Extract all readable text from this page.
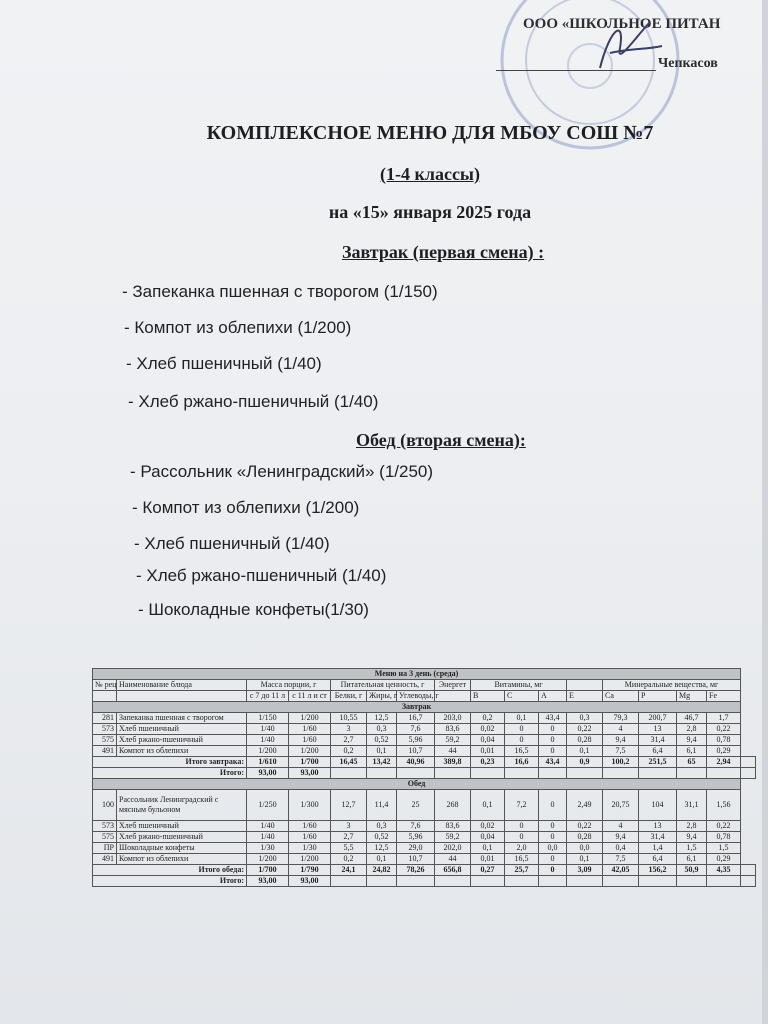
ООО «ШКОЛЬНОЕ ПИТАН
Чепкасов
КОМПЛЕКСНОЕ МЕНЮ ДЛЯ МБОУ СОШ №7
(1-4 классы)
на «15» января 2025 года
Завтрак (первая смена) :
- Запеканка пшенная с творогом (1/150)
- Компот из облепихи (1/200)
- Хлеб пшеничный (1/40)
- Хлеб ржано-пшеничный (1/40)
Обед (вторая смена):
- Рассольник «Ленинградский» (1/250)
- Компот из облепихи (1/200)
- Хлеб пшеничный (1/40)
- Хлеб ржано-пшеничный (1/40)
- Шоколадные конфеты(1/30)
Меню на 3 день (среда)																
№ рец	Наименование блюда	Масса порции, г		Питательная ценность, г			Энергет	Витамины, мг				Минеральные вещества, мг				
		с 7 до 11 л	с 11 л и ст	Белки, г	Жиры, г	Углеводы, г		В	С	А	Е	Са	Р	Mg	Fe	
Завтрак																
281	Запеканка пшенная с творогом	1/150	1/200	10,55	12,5	16,7	203,0	0,2	0,1	43,4	0,3	79,3	200,7	46,7	1,7	
573	Хлеб пшеничный	1/40	1/60	3	0,3	7,6	83,6	0,02	0	0	0,22	4	13	2,8	0,22	
575	Хлеб ржано-пшеничный	1/40	1/60	2,7	0,52	5,96	59,2	0,04	0	0	0,28	9,4	31,4	9,4	0,78	
491	Компот из облепихи	1/200	1/200	0,2	0,1	10,7	44	0,01	16,5	0	0,1	7,5	6,4	6,1	0,29	
Итого завтрака:		1/610	1/700	16,45	13,42	40,96	389,8	0,23	16,6	43,4	0,9	100,2	251,5	65	2,94	
Итого:		93,00	93,00													
Обед																
100	Рассольник Ленинградский с мясным бульоном	1/250	1/300	12,7	11,4	25	268	0,1	7,2	0	2,49	20,75	104	31,1	1,56	
573	Хлеб пшеничный	1/40	1/60	3	0,3	7,6	83,6	0,02	0	0	0,22	4	13	2,8	0,22	
575	Хлеб ржано-пшеничный	1/40	1/60	2,7	0,52	5,96	59,2	0,04	0	0	0,28	9,4	31,4	9,4	0,78	
ПР	Шоколадные конфеты	1/30	1/30	5,5	12,5	29,0	202,0	0,1	2,0	0,0	0,0	0,4	1,4	1,5	1,5	
491	Компот из облепихи	1/200	1/200	0,2	0,1	10,7	44	0,01	16,5	0	0,1	7,5	6,4	6,1	0,29	
Итого обеда:		1/700	1/790	24,1	24,82	78,26	656,8	0,27	25,7	0	3,09	42,05	156,2	50,9	4,35	
Итого:		93,00	93,00													
